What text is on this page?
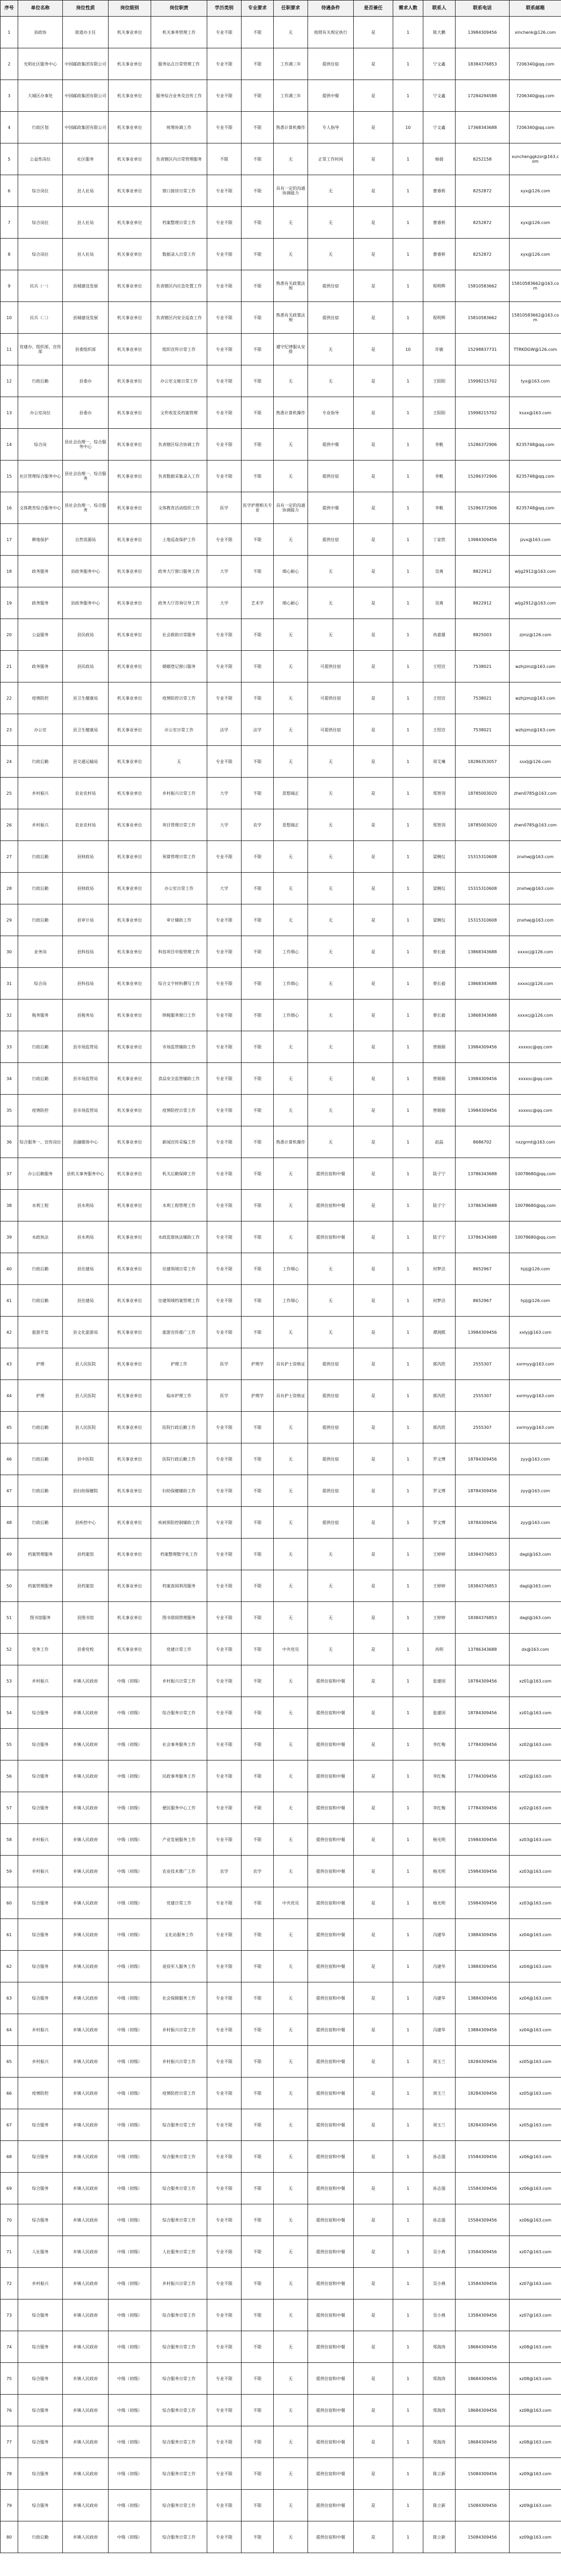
序号	单位名称	岗位性质	岗位级别	岗位职责	学历类别	专业要求	任职要求	待遇条件	是否兼任	需求人数	联系人	联系电话	联系邮箱
1	县政协	街道办主任	机关事业单位	机关事务管理工作	专业不限	不限	无	按照有关规定执行	是	1	陈大鹏	13984309456	xinchenk@126.com
2	光明社区服务中心	中国邮政集团有限公司	机关事业单位	服务站点日常管理工作	专业不限	不限	工作满三年	提供住宿	是	1	宁文鑫	18384376853	7206340@qq.com
3	大城区办事处	中国邮政集团有限公司	机关事业单位	服务综合业务及宣传工作	专业不限	不限	工作满三年	提供中餐	是	1	宁文鑫	17284294588	7206340@qq.com
4	行政区划	中国邮政集团有限公司	机关事业单位	统筹协调工作	专业不限	不限	熟悉计算机操作	专人指导	是	10	宁文鑫	17368343688	7206340@qq.com
5	公益性岗位	社区服务	机关事业单位	负责辖区内日常管理服务	不限	不限	无	正常工作时间	是	1	杨倩	8252158	xunchenggkzsr@163.com
6	综合岗位	县人社局	机关事业单位	窗口接待日常工作	专业不限	不限	具有一定的沟通协调能力	无	是	1	曹睿桥	8252872	xyx@126.com
7	综合岗位	县人社局	机关事业单位	档案整理日常工作	专业不限	不限	无	无	是	1	曹睿桥	8252872	xyx@126.com
8	综合岗位	县人社局	机关事业单位	数据录入日常工作	专业不限	不限	无	无	是	1	曹睿桥	8252872	xyx@126.com
9	民兵（一）	县城建设发展	机关事业单位	负责辖区内应急处置工作	专业不限	不限	熟悉有关政策法规	提供住宿	是	1	程明辉	15810583662	15810583662@163.com
10	民兵（二）	县城建设发展	机关事业单位	负责辖区内安全巡查工作	专业不限	不限	熟悉有关政策法规	提供住宿	是	1	程明辉	15810583662	15810583662@163.com
11	党建办、组织部、宣传部	县委组织部	机关事业单位	组织宣传日常工作	专业不限	不限	遵守纪律服从安排	无	是	10	许敏	15298837731	TTRKDGW@126.com
12	行政后勤	县委办	机关事业单位	办公室文秘日常工作	专业不限	不限	无	无	是	1	王阳阳	15998215702	tyx@163.com
13	办公室岗位	县委办	机关事业单位	文件收发及档案管理	专业不限	不限	熟悉计算机操作	专业指导	是	1	王阳阳	15998215702	ksxx@163.com
14	综合岗	县社会治理一、综合服务中心	机关事业单位	负责辖区综合协调工作	专业不限	不限	无	提供中餐	是	1	李帆	15286372906	8235748@qq.com
15	社区管理综合服务中心	县社会治理一、综合服务	机关事业单位	负责数据采集录入工作	专业不限	不限	无	提供住宿	是	1	李帆	15286372906	8235748@qq.com
16	文体教育综合服务中心	县社会治理一、综合服务	机关事业单位	文体教育活动组织工作	医学	医学护理相关专业	具有一定的沟通协调能力	提供中餐	是	1	李帆	15286372906	8235748@qq.com
17	耕地保护	自然资源局	机关事业单位	土地巡查保护工作	专业不限	不限	无	提供住宿	是	1	丁家欣	13984309456	jzvx@163.com
18	政务服务	县政务服务中心	机关事业单位	政务大厅窗口服务工作	大学	不限	细心耐心	无	是	1	吴爽	8822912	wljg2912@163.com
19	政务服务	县政务服务中心	机关事业单位	政务大厅咨询引导工作	大学	艺术学	细心耐心	无	是	1	吴爽	8822912	wljg2912@163.com
20	公益服务	县民政局	机关事业单位	社会救助日常服务	专业不限	不限	无	无	是	1	冉嘉雄	8825003	zjmz@126.com
21	政务服务	县民政局	机关事业单位	婚姻登记窗口服务	专业不限	不限	无	可提供住宿	是	1	王绍宣	7538021	wzhjzmz@163.com
22	疫情防控	县卫生健康局	机关事业单位	疫情防控日常工作	专业不限	不限	无	可提供住宿	是	1	王绍宣	7538021	wzhjzmz@163.com
23	办公室	县卫生健康局	机关事业单位	办公室日常工作	法学	法学	无	可提供住宿	是	1	王绍宣	7538021	wzhjzmz@163.com
24	行政后勤	县交通运输局	机关事业单位	无	专业不限	不限	无	无	是	1	周艾琳	18286353057	ssxlj@126.com
25	乡村振兴	农业农村局	机关事业单位	乡村振兴日常工作	大学	不限	思想端正	无	是	1	郑智剑	18785003020	zhen0785@163.com
26	乡村振兴	农业农村局	机关事业单位	项目管理日常工作	大学	农学	思想端正	无	是	1	郑智剑	18785003020	zhen0785@163.com
27	行政后勤	县财政局	机关事业单位	预算管理日常工作	专业不限	不限	无	无	是	1	梁婉仪	15315310608	znxhwj@163.com
28	行政后勤	县财政局	机关事业单位	办公室日常工作	大学	不限	无	无	是	1	梁婉仪	15315310608	znxhwj@163.com
29	行政后勤	县审计局	机关事业单位	审计辅助工作	专业不限	不限	无	无	是	1	梁婉仪	15315310608	znxhwj@163.com
30	业务岗	县科技局	机关事业单位	科技项目申报管理工作	专业不限	不限	工作细心	无	是	1	蔡长毅	13868343688	xxxxcj@126.com
31	综合岗	县科技局	机关事业单位	综合文字材料撰写工作	专业不限	不限	工作细心	无	是	1	蔡长毅	13868343688	xxxxcj@126.com
32	税务服务	县税务局	机关事业单位	纳税服务窗口工作	专业不限	不限	工作细心	无	是	1	蔡长毅	13868343688	xxxxcj@126.com
33	行政后勤	县市场监管局	机关事业单位	市场监管辅助工作	专业不限	不限	无	无	是	1	曾娟娟	13984309456	xxxxsc@qq.com
34	行政后勤	县市场监管局	机关事业单位	食品安全监管辅助工作	专业不限	不限	无	无	是	1	曾娟娟	13984309456	xxxxsc@qq.com
35	疫情防控	县市场监管局	机关事业单位	疫情防控日常工作	专业不限	不限	无	无	是	1	曾娟娟	13984309456	xxxxsc@qq.com
36	综合服务一、宣传岗位	县融媒体中心	机关事业单位	新闻宣传采编工作	专业不限	不限	熟悉计算机操作	无	是	1	赵晶	8686702	nxzgrmt@163.com
37	办公后勤服务	县机关事务服务中心	机关事业单位	机关后勤保障工作	专业不限	不限	无	提供住宿和中餐	是	1	陆子宁	13786343688	10078680@qq.com
38	水利工程	县水利局	机关事业单位	水利工程管理工作	专业不限	不限	无	提供住宿和中餐	是	1	陆子宁	13786343688	10078680@qq.com
39	水政执法	县水利局	机关事业单位	水政监察执法辅助工作	专业不限	不限	无	提供住宿和中餐	是	1	陆子宁	13786343688	10078680@qq.com
40	行政后勤	县住建局	机关事业单位	住建领域日常工作	专业不限	不限	工作细心	无	是	1	何梦洁	8652967	hjzj@126.com
41	行政后勤	县住建局	机关事业单位	住建领域档案管理工作	专业不限	不限	工作细心	无	是	1	何梦洁	8652967	hjzj@126.com
42	旅游开发	县文化旅游局	机关事业单位	旅游宣传推广工作	专业不限	不限	无	无	是	1	谭润熙	13984309456	xxlyj@163.com
43	护理	县人民医院	机关事业单位	护理工作	医学	护理学	具有护士资格证	提供住宿	是	1	郭芮欣	2555307	xxrmyy@163.com
44	护理	县人民医院	机关事业单位	临床护理工作	医学	护理学	具有护士资格证	提供住宿	是	1	郭芮欣	2555307	xxrmyy@163.com
45	行政后勤	县人民医院	机关事业单位	医院行政后勤工作	专业不限	不限	无	提供住宿	是	1	郭芮欣	2555307	xxrmyy@163.com
46	行政后勤	县中医院	机关事业单位	医院行政后勤工作	专业不限	不限	无	提供住宿	是	1	罗文博	18784309456	zyy@163.com
47	行政后勤	县妇幼保健院	机关事业单位	妇幼保健辅助工作	专业不限	不限	无	提供住宿	是	1	罗文博	18784309456	zyy@163.com
48	行政后勤	县疾控中心	机关事业单位	疾病预防控制辅助工作	专业不限	不限	无	提供住宿	是	1	罗文博	18784309456	zyy@163.com
49	档案管理服务	县档案馆	机关事业单位	档案整理数字化工作	专业不限	不限	无	无	是	1	王婷婷	18384376853	dagl@163.com
50	档案管理服务	县档案馆	机关事业单位	档案查阅利用服务	专业不限	不限	无	无	是	1	王婷婷	18384376853	dagl@163.com
51	图书馆服务	县图书馆	机关事业单位	图书借阅管理服务	专业不限	不限	无	无	是	1	王婷婷	18384376853	dagl@163.com
52	党务工作	县委党校	机关事业单位	党建日常工作	专业不限	不限	中共党员	无	是	1	冉明	13786343688	dx@163.com
53	乡村振兴	乡镇人民政府	中级（初级）	乡村振兴日常工作	专业不限	不限	无	提供住宿和中餐	是	1	张建国	18784309456	xz01@163.com
54	综合服务	乡镇人民政府	中级（初级）	综合服务日常工作	专业不限	不限	无	提供住宿和中餐	是	1	张建国	18784309456	xz01@163.com
55	综合服务	乡镇人民政府	中级（初级）	社会事务服务工作	专业不限	不限	无	提供住宿和中餐	是	1	李红梅	17784309456	xz02@163.com
56	综合服务	乡镇人民政府	中级（初级）	民政事务服务工作	专业不限	不限	无	提供住宿和中餐	是	1	李红梅	17784309456	xz02@163.com
57	综合服务	乡镇人民政府	中级（初级）	便民服务中心工作	专业不限	不限	无	提供住宿和中餐	是	1	李红梅	17784309456	xz02@163.com
58	乡村振兴	乡镇人民政府	中级（初级）	产业发展服务工作	专业不限	不限	无	提供住宿和中餐	是	1	杨光明	15984309456	xz03@163.com
59	乡村振兴	乡镇人民政府	中级（初级）	农业技术推广工作	农学	农学	无	提供住宿和中餐	是	1	杨光明	15984309456	xz03@163.com
60	综合服务	乡镇人民政府	中级（初级）	党建日常工作	专业不限	不限	中共党员	提供住宿和中餐	是	1	杨光明	15984309456	xz03@163.com
61	综合服务	乡镇人民政府	中级（初级）	文化站服务工作	专业不限	不限	无	提供住宿和中餐	是	1	冯建华	13884309456	xz04@163.com
62	综合服务	乡镇人民政府	中级（初级）	退役军人服务工作	专业不限	不限	无	提供住宿和中餐	是	1	冯建华	13884309456	xz04@163.com
63	综合服务	乡镇人民政府	中级（初级）	社会保障服务工作	专业不限	不限	无	提供住宿和中餐	是	1	冯建华	13884309456	xz04@163.com
64	乡村振兴	乡镇人民政府	中级（初级）	乡村振兴日常工作	专业不限	不限	无	提供住宿和中餐	是	1	冯建华	13884309456	xz04@163.com
65	乡村振兴	乡镇人民政府	中级（初级）	乡村振兴日常工作	专业不限	不限	无	提供住宿和中餐	是	1	周玉兰	18284309456	xz05@163.com
66	疫情防控	乡镇人民政府	中级（初级）	疫情防控日常工作	专业不限	不限	无	提供住宿和中餐	是	1	周玉兰	18284309456	xz05@163.com
67	综合服务	乡镇人民政府	中级（初级）	综合服务日常工作	专业不限	不限	无	提供住宿和中餐	是	1	周玉兰	18284309456	xz05@163.com
68	综合服务	乡镇人民政府	中级（初级）	综合服务日常工作	专业不限	不限	无	提供住宿和中餐	是	1	孙志强	15584309456	xz06@163.com
69	综合服务	乡镇人民政府	中级（初级）	综合服务日常工作	专业不限	不限	无	提供住宿和中餐	是	1	孙志强	15584309456	xz06@163.com
70	综合服务	乡镇人民政府	中级（初级）	综合服务日常工作	专业不限	不限	无	提供住宿和中餐	是	1	孙志强	15584309456	xz06@163.com
71	人社服务	乡镇人民政府	中级（初级）	人社服务日常工作	专业不限	不限	无	提供住宿和中餐	是	1	吴小燕	13584309456	xz07@163.com
72	乡村振兴	乡镇人民政府	中级（初级）	乡村振兴日常工作	专业不限	不限	无	提供住宿和中餐	是	1	吴小燕	13584309456	xz07@163.com
73	综合服务	乡镇人民政府	中级（初级）	综合服务日常工作	专业不限	不限	无	提供住宿和中餐	是	1	吴小燕	13584309456	xz07@163.com
74	综合服务	乡镇人民政府	中级（初级）	综合服务日常工作	专业不限	不限	无	提供住宿和中餐	是	1	郑海涛	18684309456	xz08@163.com
75	综合服务	乡镇人民政府	中级（初级）	综合服务日常工作	专业不限	不限	无	提供住宿和中餐	是	1	郑海涛	18684309456	xz08@163.com
76	综合服务	乡镇人民政府	中级（初级）	综合服务日常工作	专业不限	不限	无	提供住宿和中餐	是	1	郑海涛	18684309456	xz08@163.com
77	综合服务	乡镇人民政府	中级（初级）	综合服务日常工作	专业不限	不限	无	提供住宿和中餐	是	1	郑海涛	18684309456	xz08@163.com
78	综合服务	乡镇人民政府	中级（初级）	综合服务日常工作	专业不限	不限	无	提供住宿和中餐	是	1	陈立新	15084309456	xz09@163.com
79	综合服务	乡镇人民政府	中级（初级）	综合服务日常工作	专业不限	不限	无	提供住宿和中餐	是	1	陈立新	15084309456	xz09@163.com
80	行政后勤	乡镇人民政府	中级（初级）	综合服务日常工作	专业不限	不限	无	提供住宿和中餐	是	1	陈立新	15084309456	xz09@163.com
